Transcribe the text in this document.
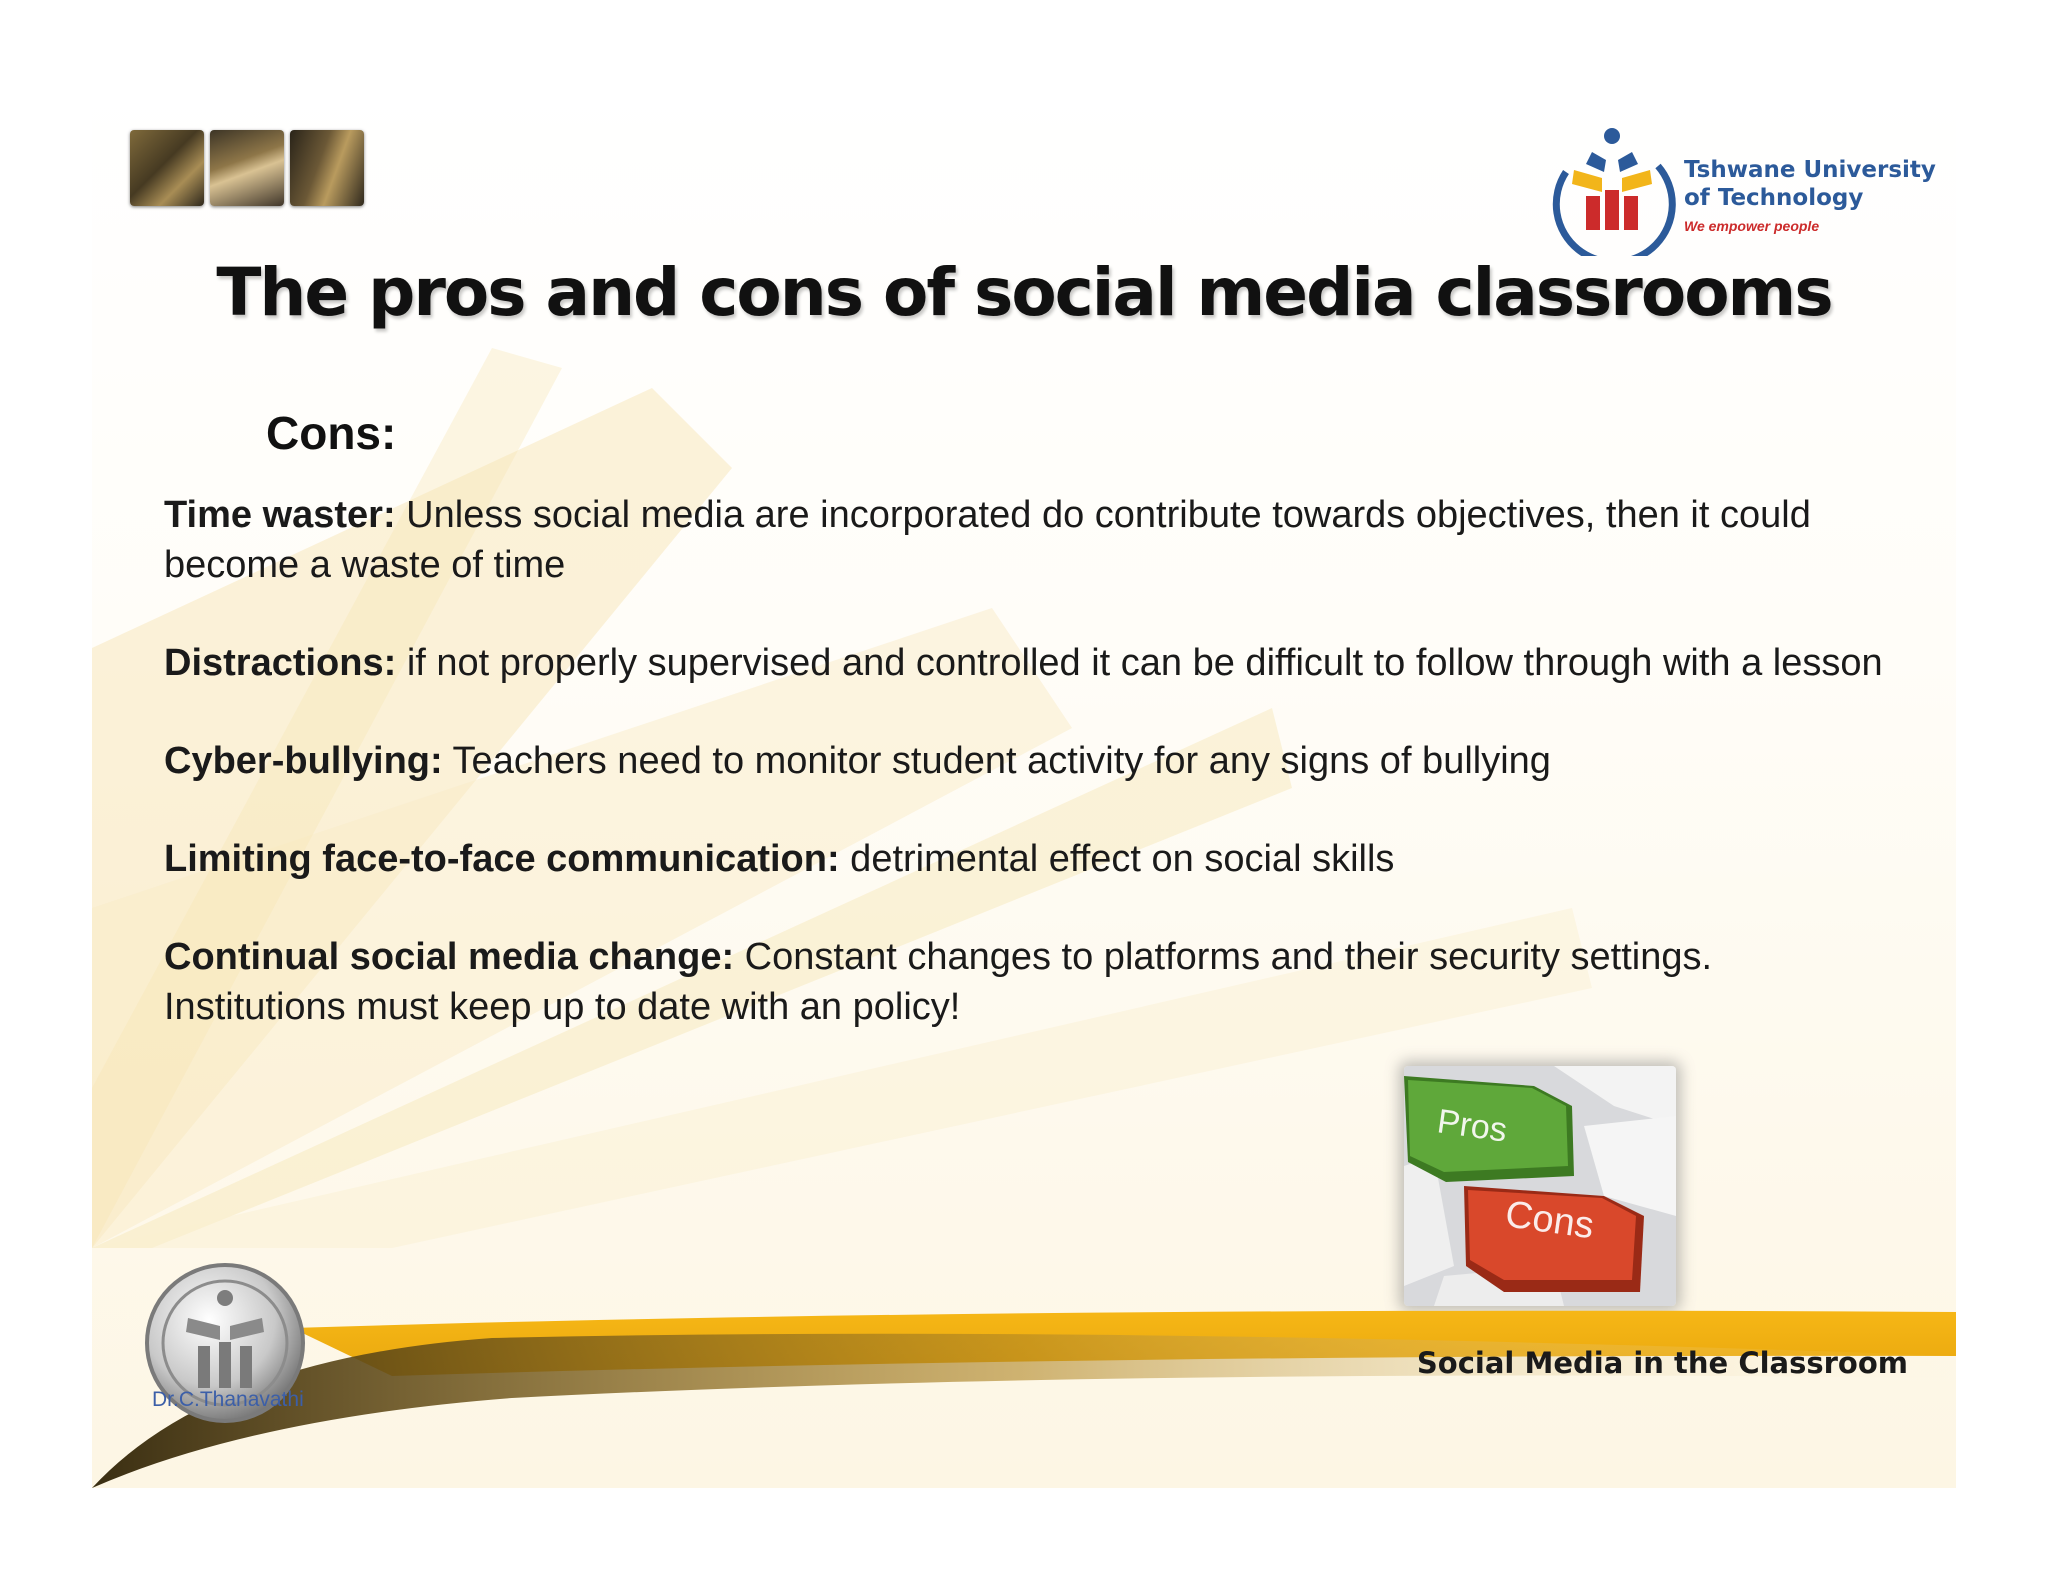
Tshwane University
of Technology
We empower people
The pros and cons of social media classrooms
Cons:

Time waster: Unless social media are incorporated do contribute towards objectives, then it could become a waste of time

Distractions: if not properly supervised and controlled it can be difficult to follow through with a lesson

Cyber-bullying: Teachers need to monitor student activity for any signs of bullying

Limiting face-to-face communication: detrimental effect on social skills

Continual social media change: Constant changes to platforms and their security settings. Institutions must keep up to date with an policy!

Pros
Cons
Social Media in the Classroom
Dr.C.Thanavathi
